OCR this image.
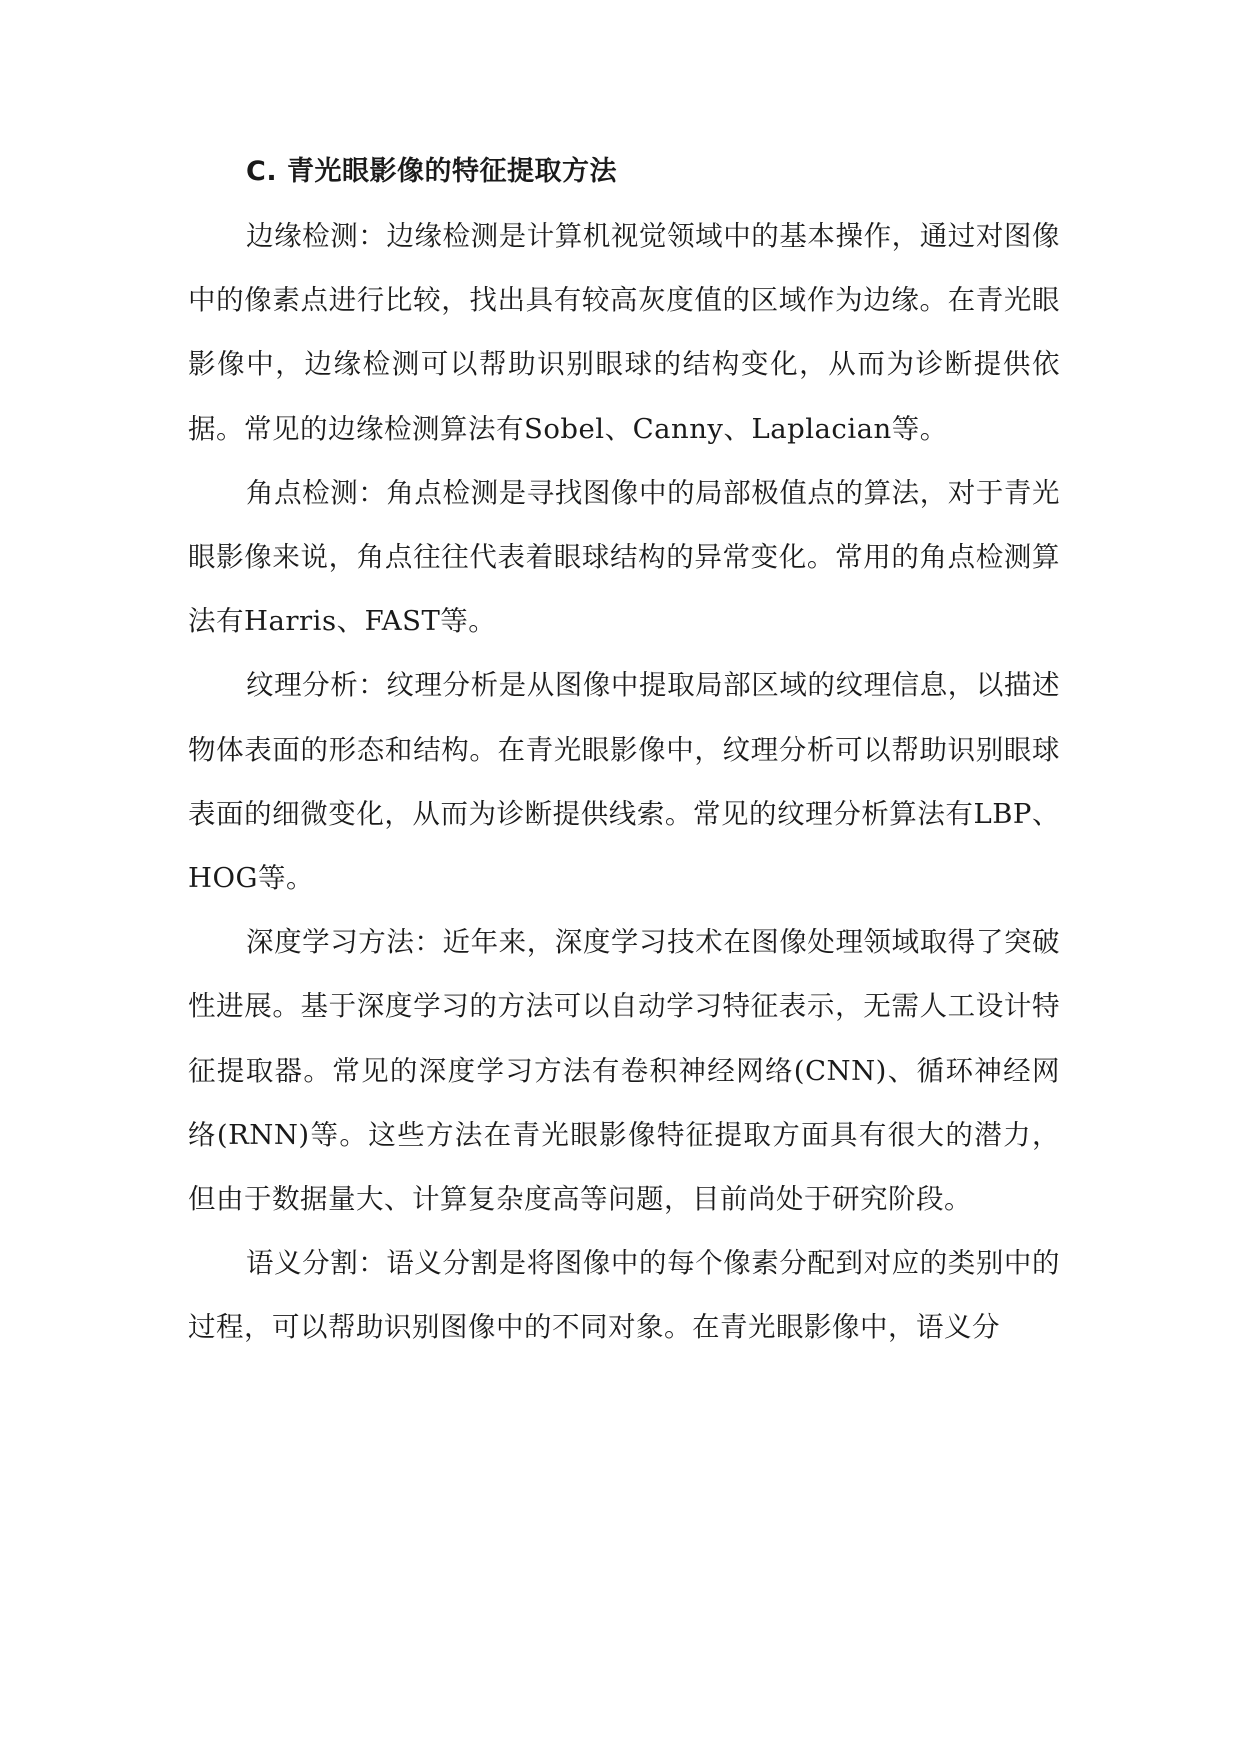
C. 青光眼影像的特征提取方法

边缘检测：边缘检测是计算机视觉领域中的基本操作，通过对图像中的像素点进行比较，找出具有较高灰度值的区域作为边缘。在青光眼影像中，边缘检测可以帮助识别眼球的结构变化，从而为诊断提供依据。常见的边缘检测算法有Sobel、Canny、Laplacian等。

角点检测：角点检测是寻找图像中的局部极值点的算法，对于青光眼影像来说，角点往往代表着眼球结构的异常变化。常用的角点检测算法有Harris、FAST等。

纹理分析：纹理分析是从图像中提取局部区域的纹理信息，以描述物体表面的形态和结构。在青光眼影像中，纹理分析可以帮助识别眼球表面的细微变化，从而为诊断提供线索。常见的纹理分析算法有LBP、HOG等。

深度学习方法：近年来，深度学习技术在图像处理领域取得了突破性进展。基于深度学习的方法可以自动学习特征表示，无需人工设计特征提取器。常见的深度学习方法有卷积神经网络(CNN)、循环神经网络(RNN)等。这些方法在青光眼影像特征提取方面具有很大的潜力，但由于数据量大、计算复杂度高等问题，目前尚处于研究阶段。

语义分割：语义分割是将图像中的每个像素分配到对应的类别中的过程，可以帮助识别图像中的不同对象。在青光眼影像中，语义分
